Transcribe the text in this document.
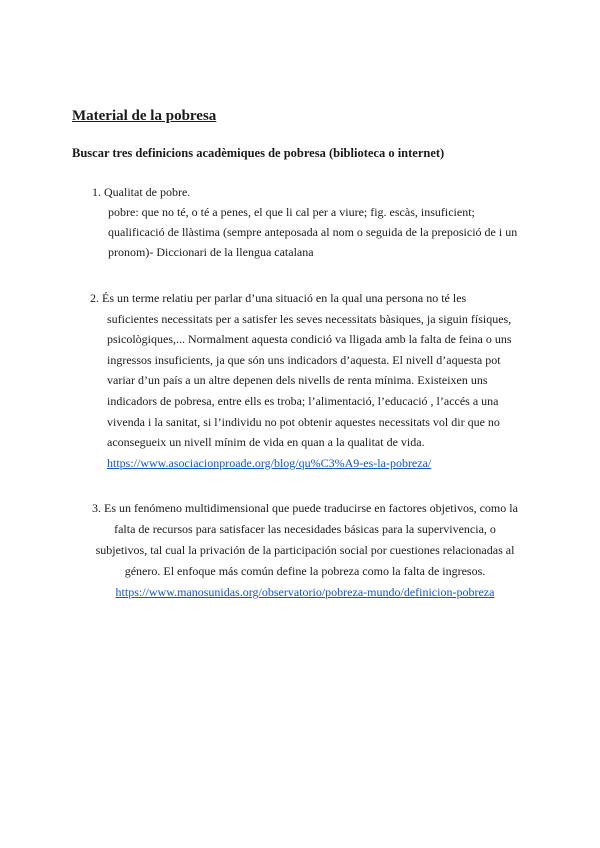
Material de la pobresa
Buscar tres definicions acadèmiques de pobresa (biblioteca o internet)
1. Qualitat de pobre.
pobre: que no té, o té a penes, el que li cal per a viure; fig. escàs, insuficient;
qualificació de llàstima (sempre anteposada al nom o seguida de la preposició de i un
pronom)- Diccionari de la llengua catalana
2. És un terme relatiu per parlar d’una situació en la qual una persona no té les
suficientes necessitats per a satisfer les seves necessitats bàsiques, ja siguin físiques,
psicològiques,... Normalment aquesta condició va lligada amb la falta de feina o uns
ingressos insuficients, ja que són uns indicadors d’aquesta. El nivell d’aquesta pot
variar d’un país a un altre depenen dels nivells de renta mínima. Existeixen uns
indicadors de pobresa, entre ells es troba; l’alimentació, l’educació , l’accés a una
vivenda i la sanitat, si l’individu no pot obtenir aquestes necessitats vol dir que no
aconsegueix un nivell mínim de vida en quan a la qualitat de vida.
https://www.asociacionproade.org/blog/qu%C3%A9-es-la-pobreza/
3. Es un fenómeno multidimensional que puede traducirse en factores objetivos, como la
falta de recursos para satisfacer las necesidades básicas para la supervivencia, o
subjetivos, tal cual la privación de la participación social por cuestiones relacionadas al
género. El enfoque más común define la pobreza como la falta de ingresos.
https://www.manosunidas.org/observatorio/pobreza-mundo/definicion-pobreza
